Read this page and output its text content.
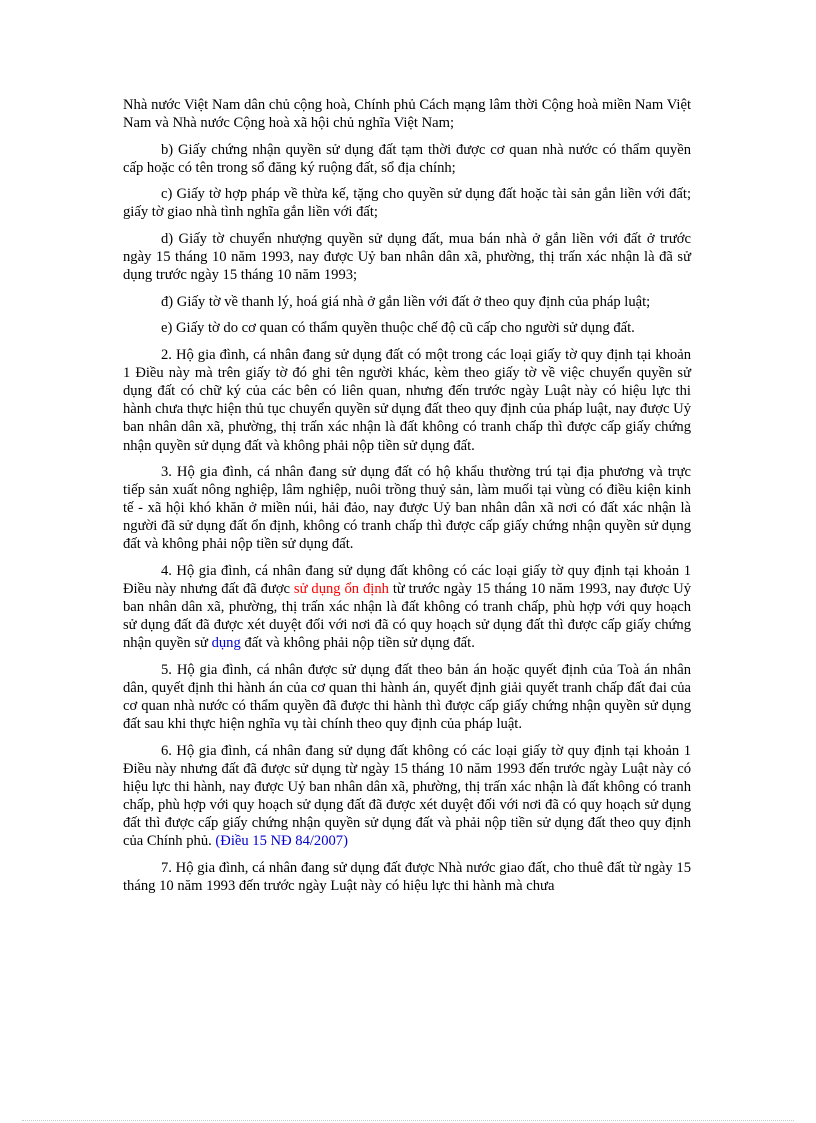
Nhà nước Việt Nam dân chủ cộng hoà, Chính phủ Cách mạng lâm thời Cộng hoà miền Nam Việt Nam và Nhà nước Cộng hoà xã hội chủ nghĩa Việt Nam;

b) Giấy chứng nhận quyền sử dụng đất tạm thời được cơ quan nhà nước có thẩm quyền cấp hoặc có tên trong sổ đăng ký ruộng đất, sổ địa chính;

c) Giấy tờ hợp pháp về thừa kế, tặng cho quyền sử dụng đất hoặc tài sản gắn liền với đất; giấy tờ giao nhà tình nghĩa gắn liền với đất;

d) Giấy tờ chuyển nhượng quyền sử dụng đất, mua bán nhà ở gắn liền với đất ở trước ngày 15 tháng 10 năm 1993, nay được Uỷ ban nhân dân xã, phường, thị trấn xác nhận là đã sử dụng trước ngày 15 tháng 10 năm 1993;

đ) Giấy tờ về thanh lý, hoá giá nhà ở gắn liền với đất ở theo quy định của pháp luật;

e) Giấy tờ do cơ quan có thẩm quyền thuộc chế độ cũ cấp cho người sử dụng đất.

2. Hộ gia đình, cá nhân đang sử dụng đất có một trong các loại giấy tờ quy định tại khoản 1 Điều này mà trên giấy tờ đó ghi tên người khác, kèm theo giấy tờ về việc chuyển quyền sử dụng đất có chữ ký của các bên có liên quan, nhưng đến trước ngày Luật này có hiệu lực thi hành chưa thực hiện thủ tục chuyển quyền sử dụng đất theo quy định của pháp luật, nay được Uỷ ban nhân dân xã, phường, thị trấn xác nhận là đất không có tranh chấp thì được cấp giấy chứng nhận quyền sử dụng đất và không phải nộp tiền sử dụng đất.

3. Hộ gia đình, cá nhân đang sử dụng đất có hộ khẩu thường trú tại địa phương và trực tiếp sản xuất nông nghiệp, lâm nghiệp, nuôi trồng thuỷ sản, làm muối tại vùng có điều kiện kinh tế - xã hội khó khăn ở miền núi, hải đảo, nay được Uỷ ban nhân dân xã nơi có đất xác nhận là người đã sử dụng đất ổn định, không có tranh chấp thì được cấp giấy chứng nhận quyền sử dụng đất và không phải nộp tiền sử dụng đất.

4. Hộ gia đình, cá nhân đang sử dụng đất không có các loại giấy tờ quy định tại khoản 1 Điều này nhưng đất đã được sử dụng ổn định từ trước ngày 15 tháng 10 năm 1993, nay được Uỷ ban nhân dân xã, phường, thị trấn xác nhận là đất không có tranh chấp, phù hợp với quy hoạch sử dụng đất đã được xét duyệt đối với nơi đã có quy hoạch sử dụng đất thì được cấp giấy chứng nhận quyền sử dụng đất và không phải nộp tiền sử dụng đất.

5. Hộ gia đình, cá nhân được sử dụng đất theo bản án hoặc quyết định của Toà án nhân dân, quyết định thi hành án của cơ quan thi hành án, quyết định giải quyết tranh chấp đất đai của cơ quan nhà nước có thẩm quyền đã được thi hành thì được cấp giấy chứng nhận quyền sử dụng đất sau khi thực hiện nghĩa vụ tài chính theo quy định của pháp luật.

6. Hộ gia đình, cá nhân đang sử dụng đất không có các loại giấy tờ quy định tại khoản 1 Điều này nhưng đất đã được sử dụng từ ngày 15 tháng 10 năm 1993 đến trước ngày Luật này có hiệu lực thi hành, nay được Uỷ ban nhân dân xã, phường, thị trấn xác nhận là đất không có tranh chấp, phù hợp với quy hoạch sử dụng đất đã được xét duyệt đối với nơi đã có quy hoạch sử dụng đất thì được cấp giấy chứng nhận quyền sử dụng đất và phải nộp tiền sử dụng đất theo quy định của Chính phủ. (Điều 15 NĐ 84/2007)

7. Hộ gia đình, cá nhân đang sử dụng đất được Nhà nước giao đất, cho thuê đất từ ngày 15 tháng 10 năm 1993 đến trước ngày Luật này có hiệu lực thi hành mà chưa
